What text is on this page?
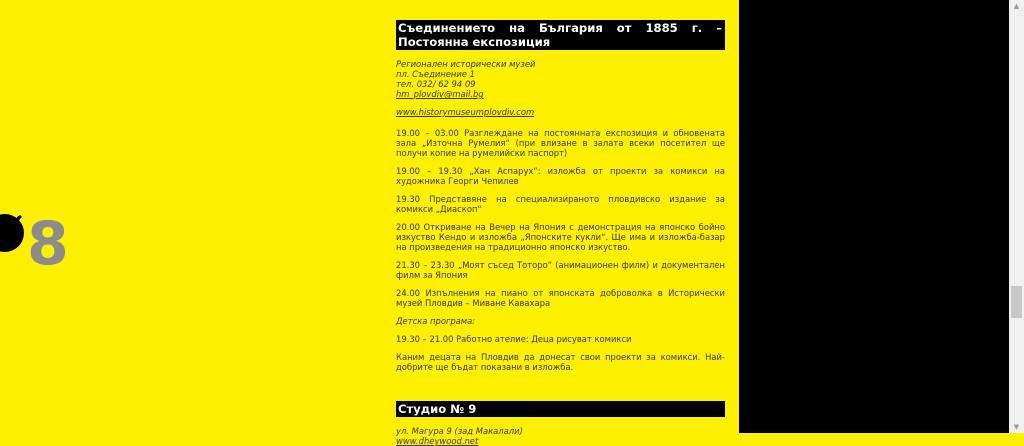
‘ 8
▲
▼
Съединението на България от 1885 г. – Постоянна експозиция
Регионален исторически музей
пл. Съединение 1
тел. 032/ 62 94 09
hm_plovdiv@mail.bg
www.historymuseumplovdiv.com

19.00 – 03.00 Разглеждане на постоянната експозиция и обновената зала „Източна Румелия“ (при влизане в залата всеки посетител ще получи копие на румелийски паспорт)

19.00 – 19.30 „Хан Аспарух“: изложба от проекти за комикси на художника Георги Чепилев

19.30 Представяне на специализираното пловдивско издание за комикси „Диаскоп“

20.00 Откриване на Вечер на Япония с демонстрация на японско бойно изкуство Кендо и изложба „Японските кукли“. Ще има и изложба-базар на произведения на традиционно японско изкуство.

21.30 – 23.30 „Моят съсед Тоторо“ (анимационен филм) и документален филм за Япония

24.00 Изпълнения на пиано от японската доброволка в Исторически музей Пловдив – Миване Кавахара

Детска програма:

19.30 – 21.00 Работно ателие: Деца рисуват комикси

Каним децата на Пловдив да донесат свои проекти за комикси. Най-добрите ще бъдат показани в изложба.

Студио № 9
ул. Магура 9 (зад Макалали)
www.dheywood.net
